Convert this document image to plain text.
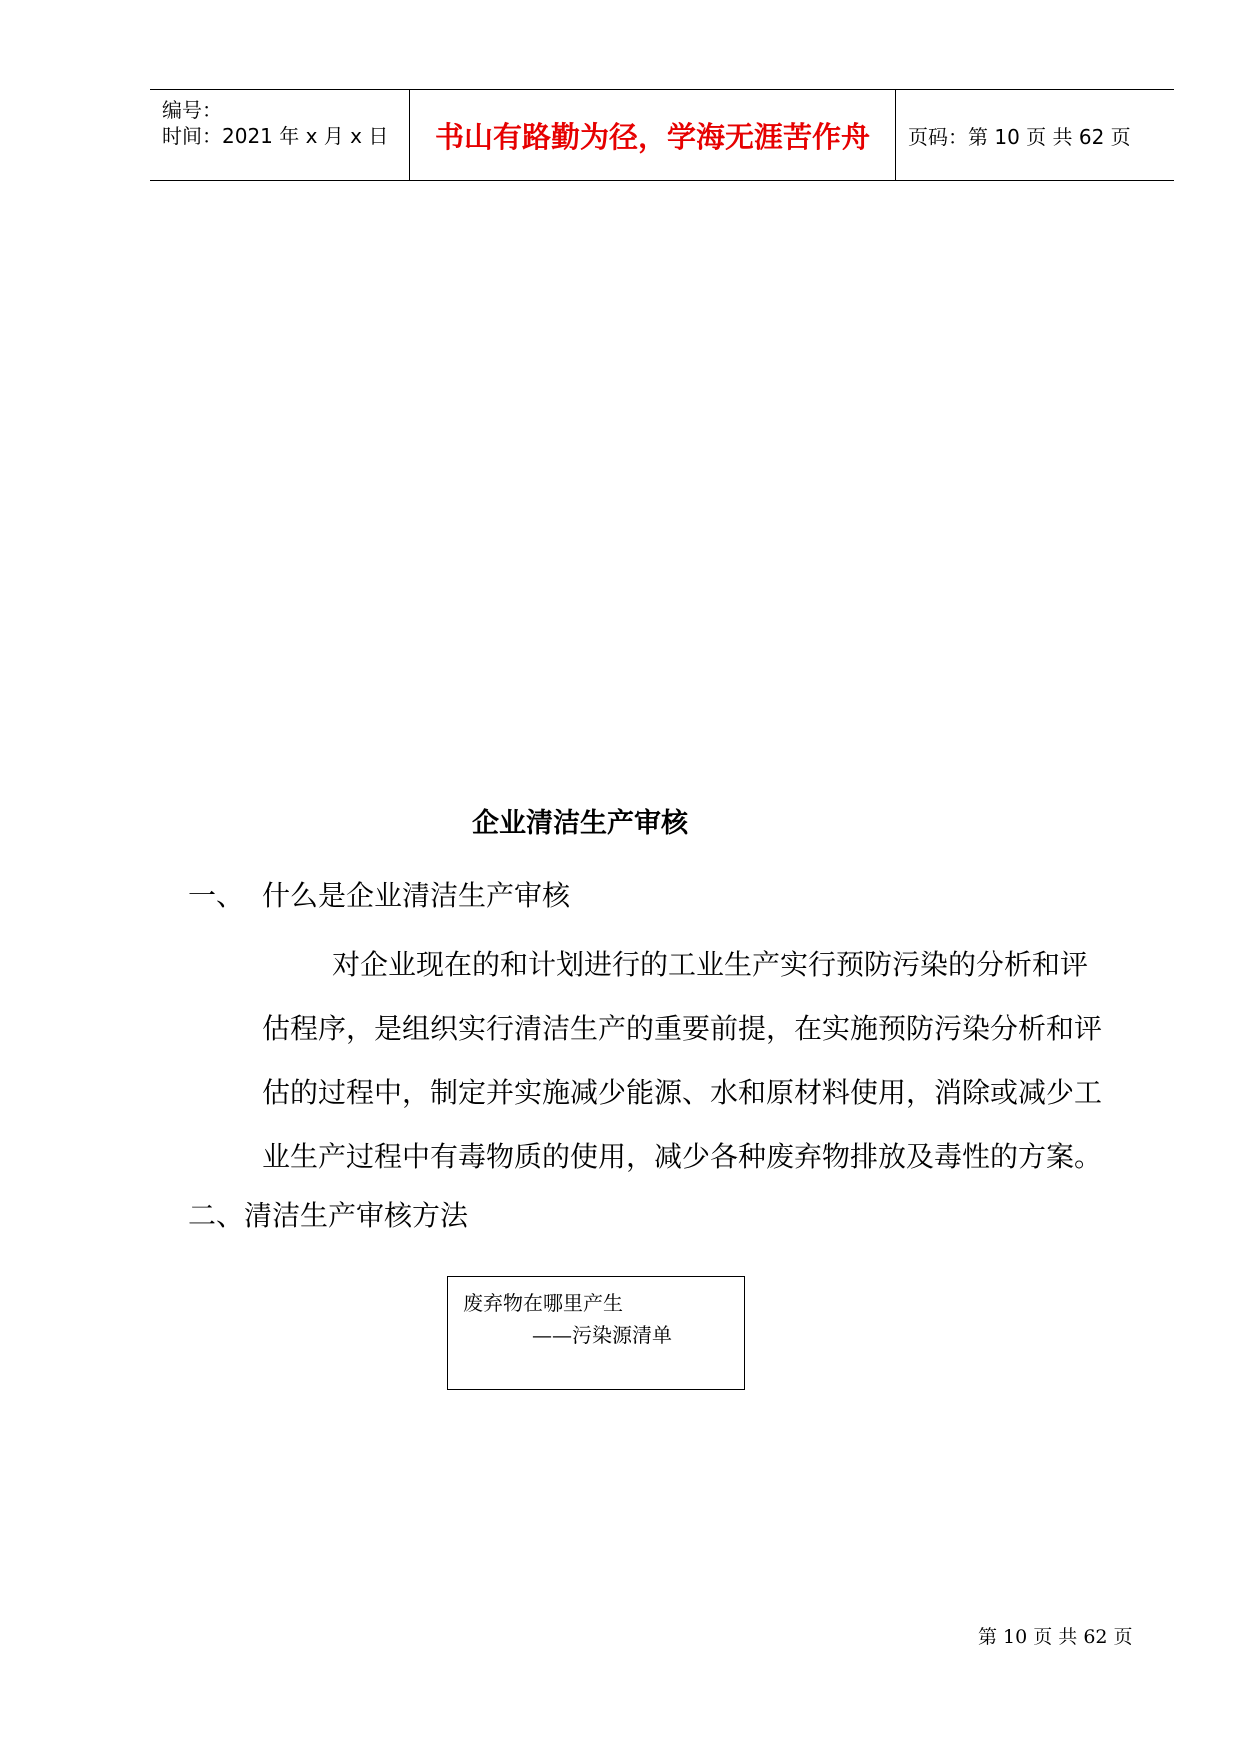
编号：
时间：2021 年 x 月 x 日 书山有路勤为径，学海无涯苦作舟 页码：第 10 页 共 62 页
企业清洁生产审核
一、 什么是企业清洁生产审核
对企业现在的和计划进行的工业生产实行预防污染的分析和评
估程序，是组织实行清洁生产的重要前提，在实施预防污染分析和评
估的过程中，制定并实施减少能源、水和原材料使用，消除或减少工
业生产过程中有毒物质的使用，减少各种废弃物排放及毒性的方案。
二、清洁生产审核方法
废弃物在哪里产生
——污染源清单
第 10 页 共 62 页
